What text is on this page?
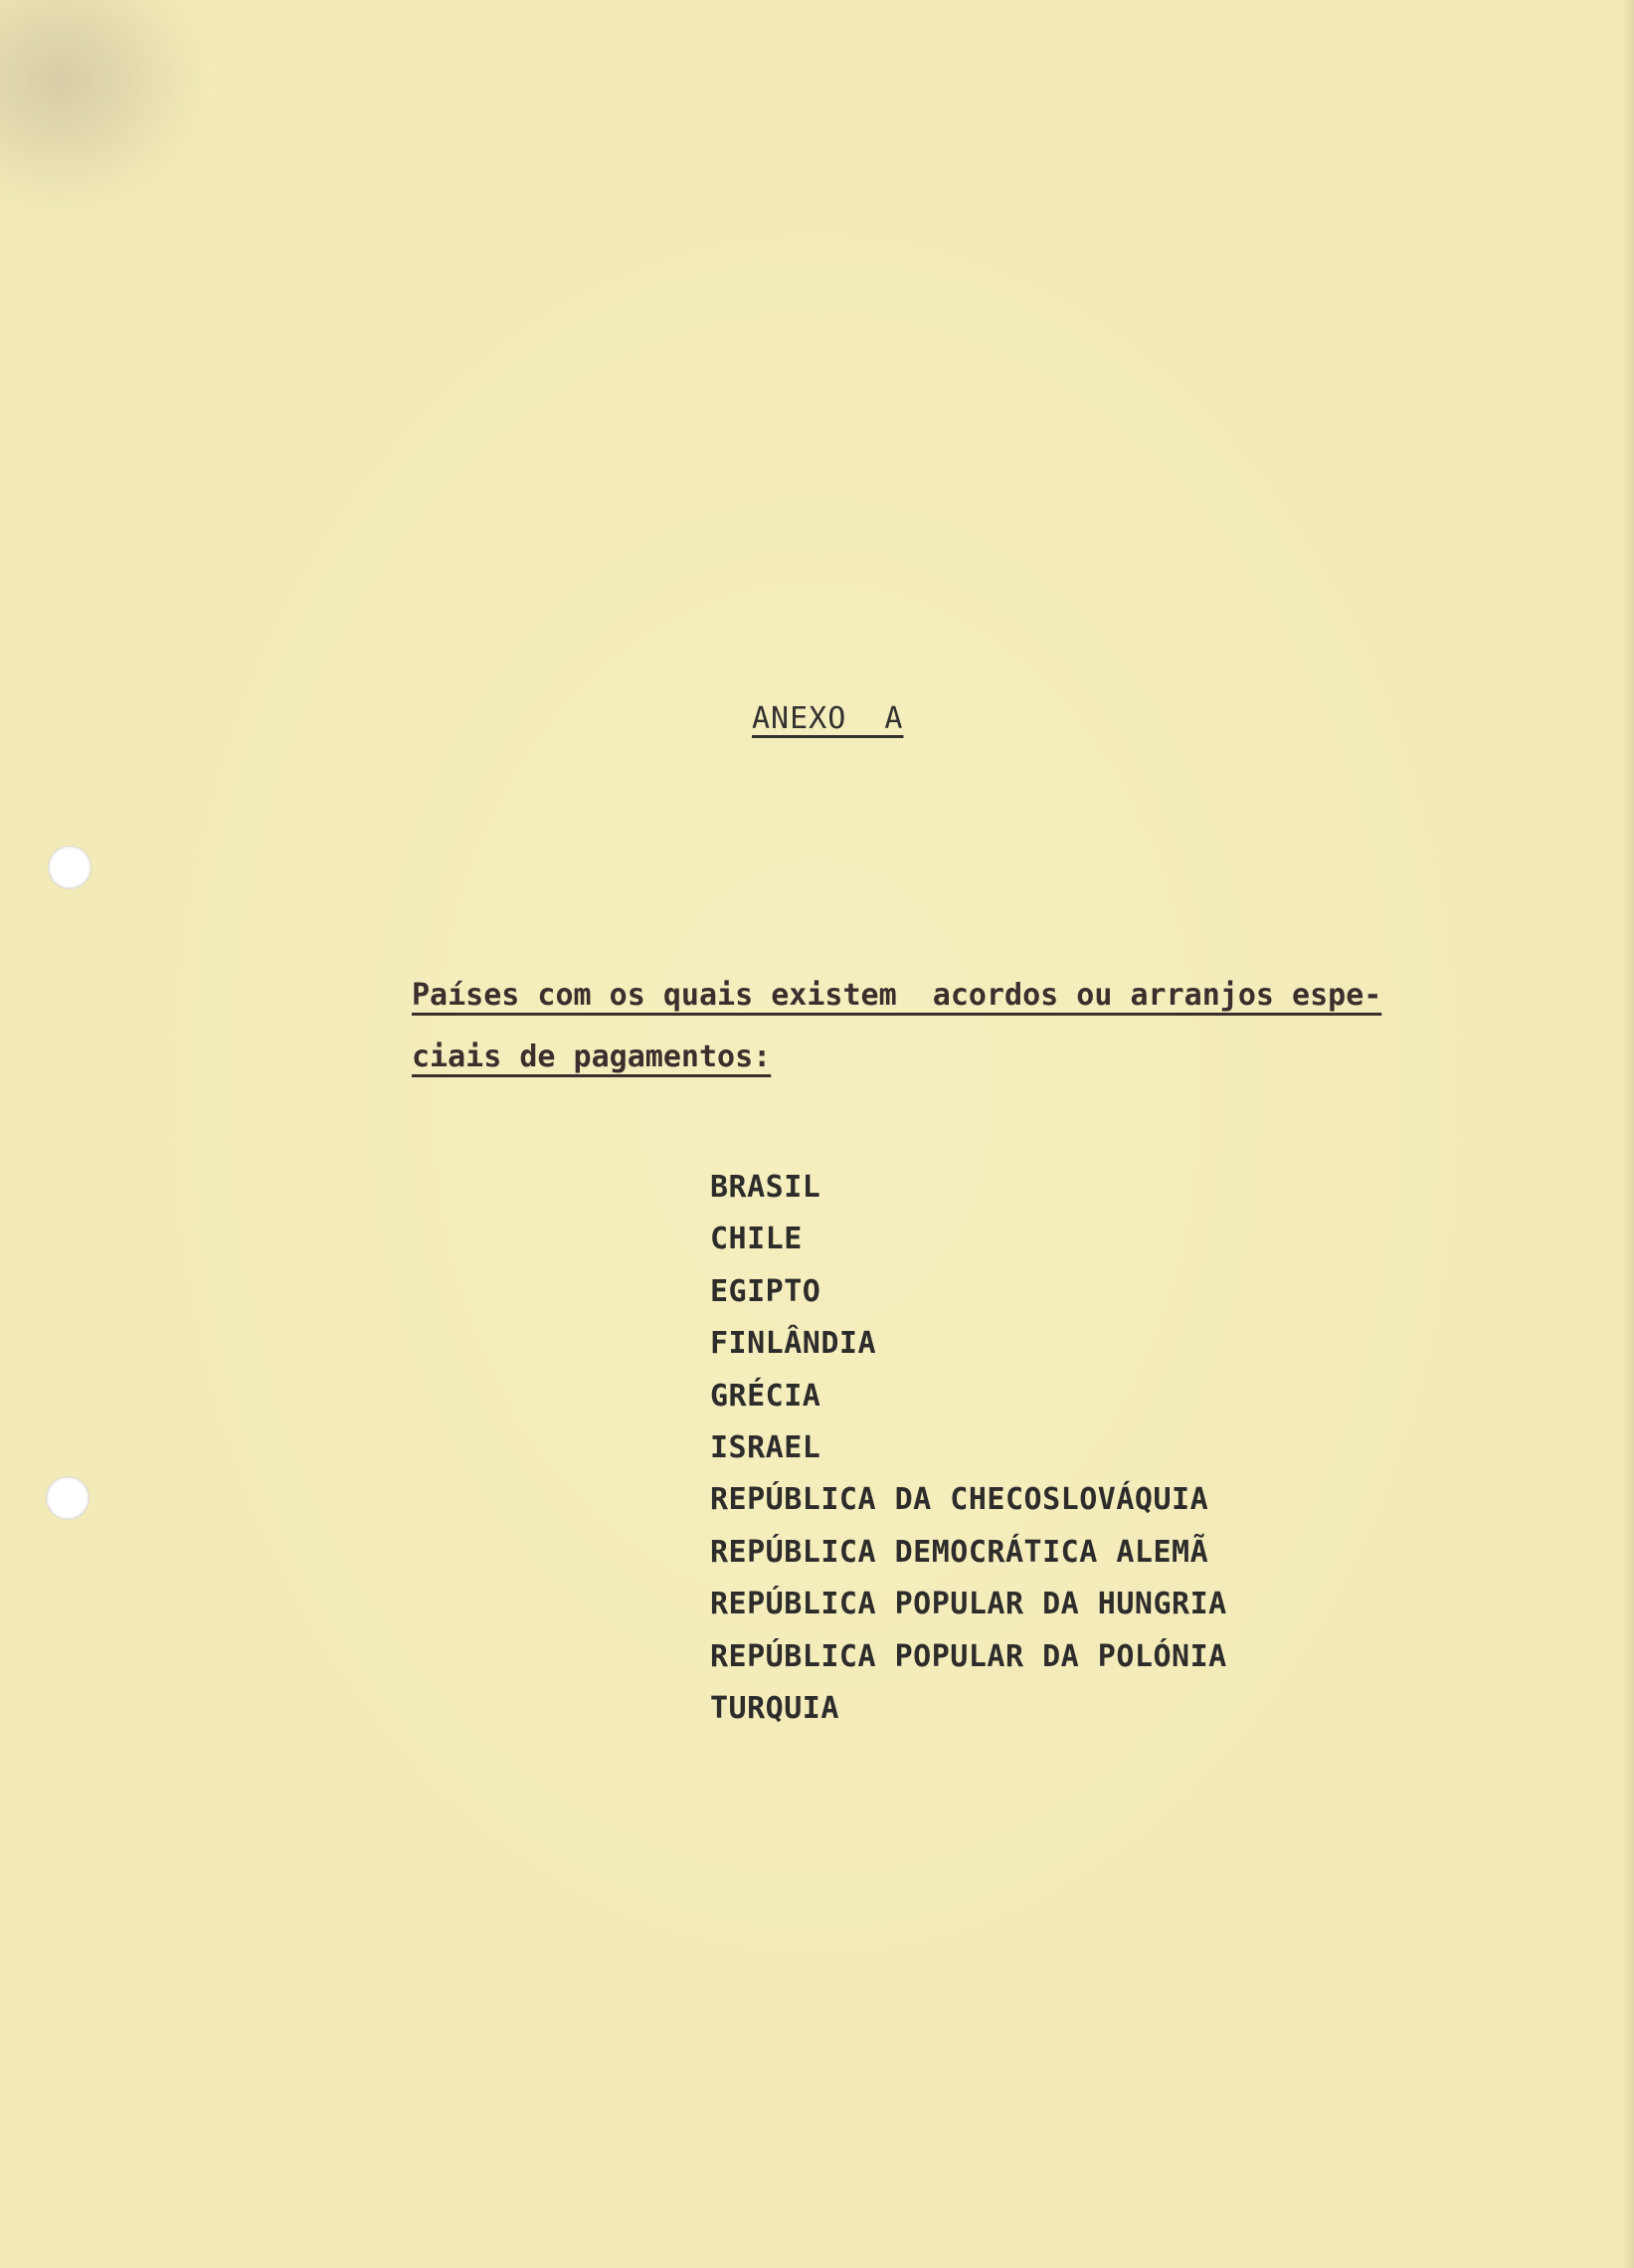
ANEXO  A
Países com os quais existem  acordos ou arranjos espe-
ciais de pagamentos:
BRASIL
CHILE
EGIPTO
FINLÂNDIA
GRÉCIA
ISRAEL
REPÚBLICA DA CHECOSLOVÁQUIA
REPÚBLICA DEMOCRÁTICA ALEMÃ
REPÚBLICA POPULAR DA HUNGRIA
REPÚBLICA POPULAR DA POLÓNIA
TURQUIA
